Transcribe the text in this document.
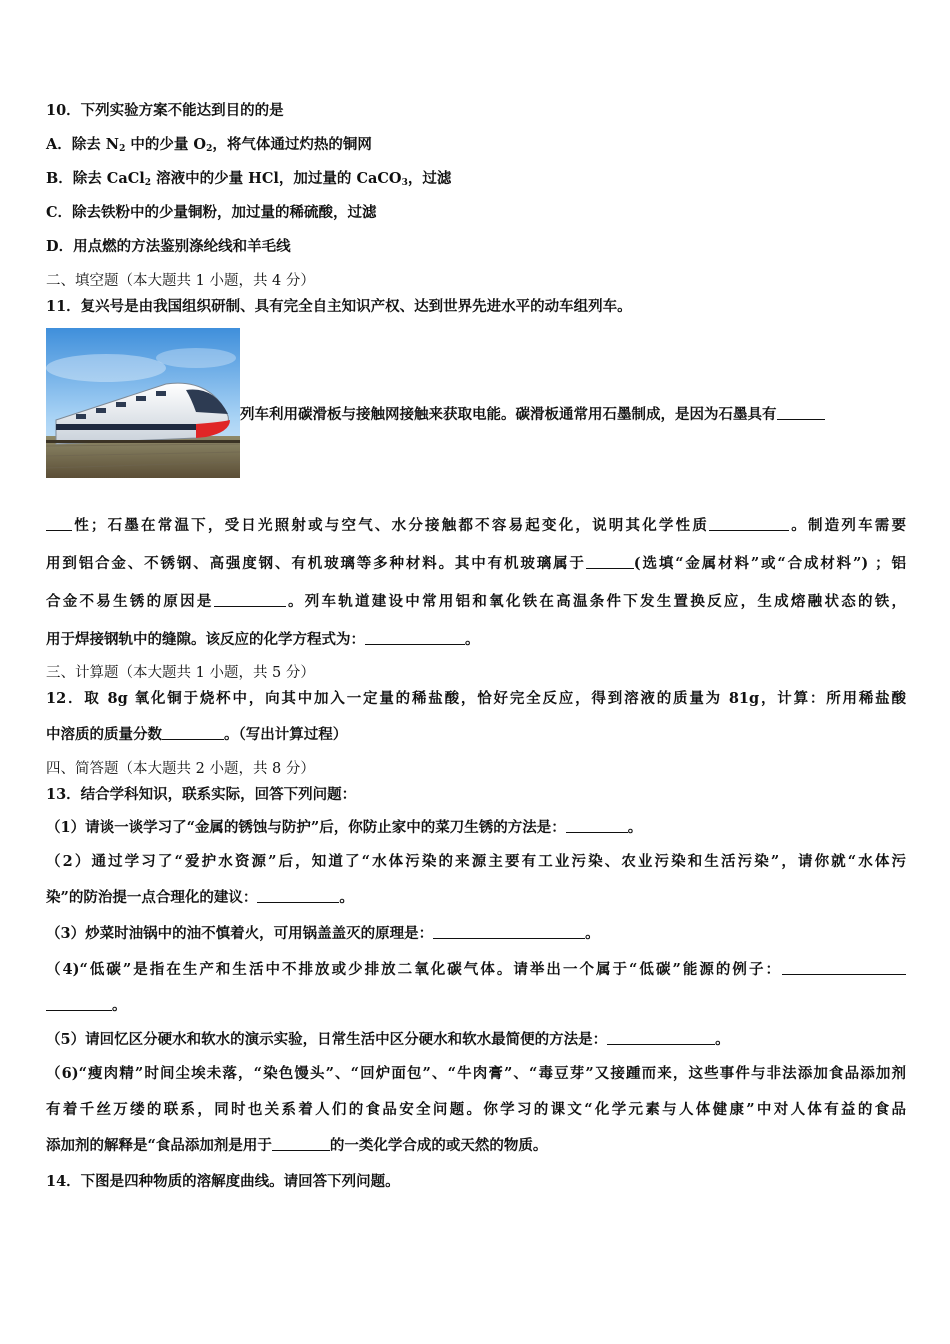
10．下列实验方案不能达到目的的是
A．除去 $N_2$ 中的少量 $O_2$，将气体通过灼热的铜网
B．除去 CaCl$_2$ 溶液中的少量 HCl，加过量的 CaCO$_3$，过滤
C．除去铁粉中的少量铜粉，加过量的稀硫酸，过滤
D．用点燃的方法鉴别涤纶线和羊毛线
二、填空题（本大题共 1 小题，共 4 分）
11．复兴号是由我国组织研制、具有完全自主知识产权、达到世界先进水平的动车组列车。
列车利用碳滑板与接触网接触来获取电能。碳滑板通常用石墨制成，是因为石墨具有
性；石墨在常温下，受日光照射或与空气、水分接触都不容易起变化，说明其化学性质	。制造列车需要
用到铝合金、不锈钢、高强度钢、有机玻璃等多种材料。其中有机玻璃属于	(选填“金属材料”或“合成材料”) ；铝
合金不易生锈的原因是	。列车轨道建设中常用铝和氧化铁在高温条件下发生置换反应，生成熔融状态的铁，
用于焊接钢轨中的缝隙。该反应的化学方程式为：	。
三、计算题（本大题共 1 小题，共 5 分）
12．取 8g 氧化铜于烧杯中，向其中加入一定量的稀盐酸，恰好完全反应，得到溶液的质量为 81g，计算：所用稀盐酸
中溶质的质量分数	。（写出计算过程）
四、简答题（本大题共 2 小题，共 8 分）
13．结合学科知识，联系实际，回答下列问题：
（1）请谈一谈学习了“金属的锈蚀与防护”后，你防止家中的菜刀生锈的方法是：	。
（2）通过学习了“爱护水资源”后，知道了“水体污染的来源主要有工业污染、农业污染和生活污染”，请你就“水体污
染”的防治提一点合理化的建议：	。
（3）炒菜时油锅中的油不慎着火，可用锅盖盖灭的原理是：	。
（4)“低碳”是指在生产和生活中不排放或少排放二氧化碳气体。请举出一个属于“低碳”能源的例子：
。
（5）请回忆区分硬水和软水的演示实验，日常生活中区分硬水和软水最简便的方法是：	。
（6)“瘦肉精”时间尘埃未落，“染色馒头”、“回炉面包”、“牛肉膏”、“毒豆芽”又接踵而来，这些事件与非法添加食品添加剂
有着千丝万缕的联系，同时也关系着人们的食品安全问题。你学习的课文“化学元素与人体健康”中对人体有益的食品
添加剂的解释是“食品添加剂是用于	的一类化学合成的或天然的物质。
14．下图是四种物质的溶解度曲线。请回答下列问题。
